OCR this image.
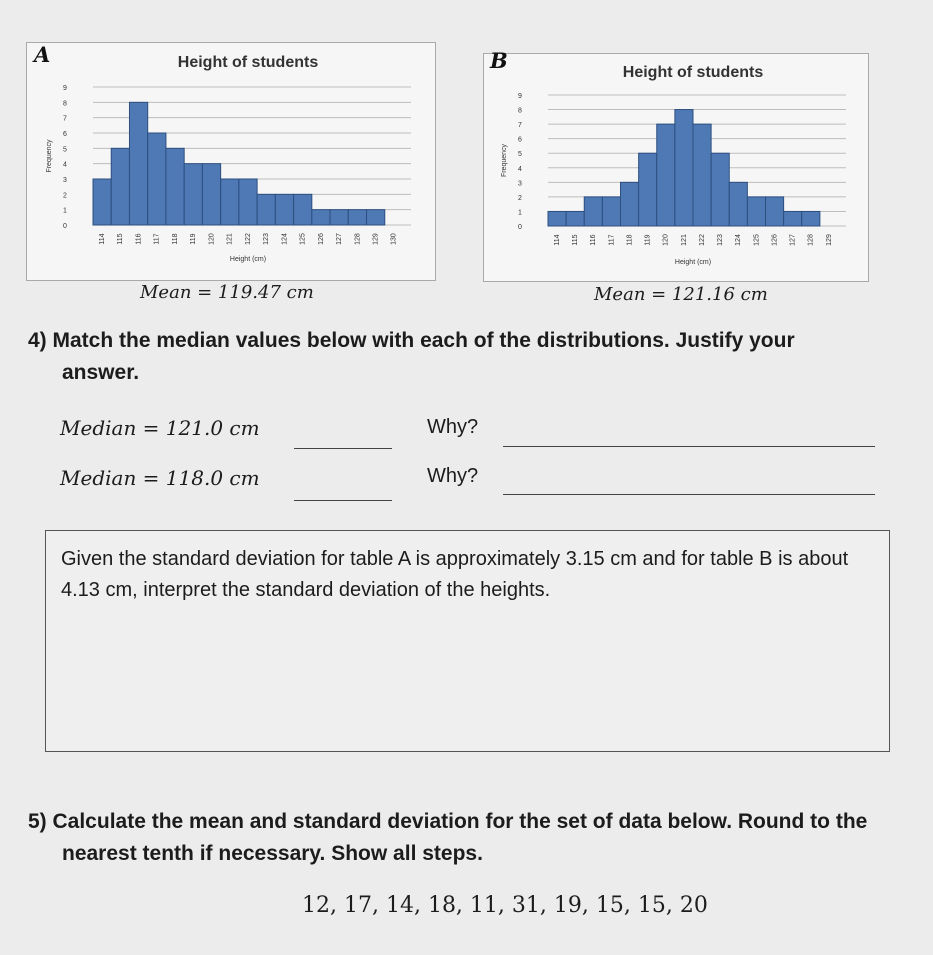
A	Height of students
0
1
2
3
4
5
6
7
8
9
114 115 116 117 118 119 120 121 122 123 124 125 126 127 128 129 130
Height (cm)
Frequency
Mean = 119.47 cm
B	Height of students
0
1
2
3
4
5
6
7
8
9
114 115 116 117 118 119 120 121 122 123 124 125 126 127 128 129
Height (cm)
Frequency
Mean = 121.16 cm
4) Match the median values below with each of the distributions. Justify your answer.
Median = 121.0 cm	Why?
Median = 118.0 cm	Why?
Given the standard deviation for table A is approximately 3.15 cm and for table B is about 4.13 cm, interpret the standard deviation of the heights.
5) Calculate the mean and standard deviation for the set of data below. Round to the nearest tenth if necessary. Show all steps.
12, 17, 14, 18, 11, 31, 19, 15, 15, 20
